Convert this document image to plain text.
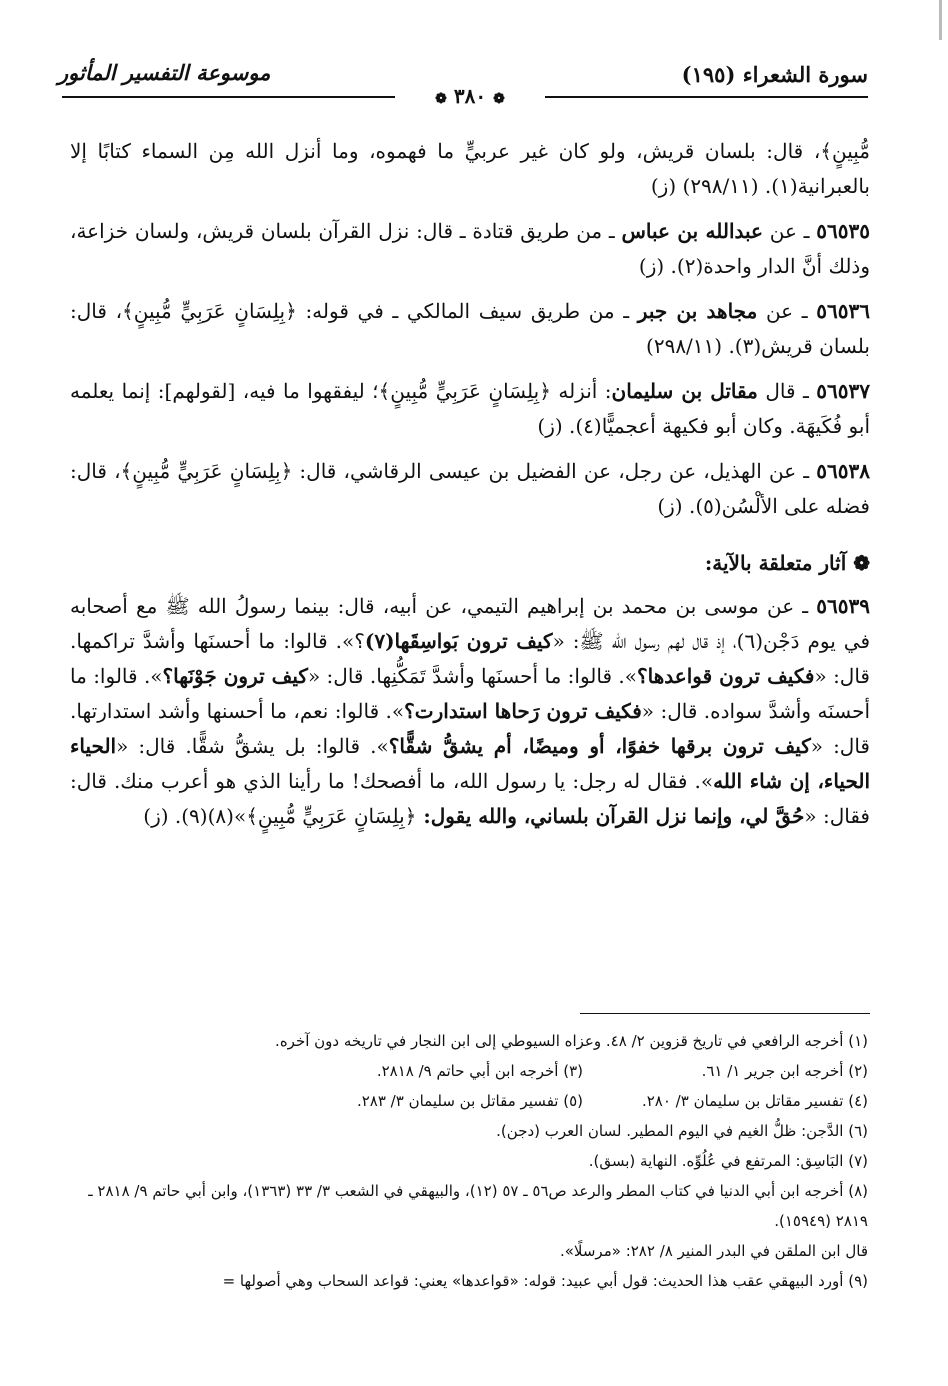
سورة الشعراء (١٩٥)
موسوعة التفسير المأثور
❁ ٣٨٠ ❁

مُّبِينٍ﴾، قال: بلسان قريش، ولو كان غير عربيٍّ ما فهموه، وما أنزل الله مِن السماء كتابًا إلا بالعبرانية(١). (٢٩٨/١١) (ز)

٥٦٥٣٥ ـ عن عبدالله بن عباس ـ من طريق قتادة ـ قال: نزل القرآن بلسان قريش، ولسان خزاعة، وذلك أنَّ الدار واحدة(٢). (ز)

٥٦٥٣٦ ـ عن مجاهد بن جبر ـ من طريق سيف المالكي ـ في قوله: ﴿بِلِسَانٍ عَرَبِيٍّ مُّبِينٍ﴾، قال: بلسان قريش(٣). (٢٩٨/١١)

٥٦٥٣٧ ـ قال مقاتل بن سليمان: أنزله ﴿بِلِسَانٍ عَرَبِيٍّ مُّبِينٍ﴾؛ ليفقهوا ما فيه، [لقولهم]: إنما يعلمه أبو فُكَيهَة. وكان أبو فكيهة أعجميًّا(٤). (ز)

٥٦٥٣٨ ـ عن الهذيل، عن رجل، عن الفضيل بن عيسى الرقاشي، قال: ﴿بِلِسَانٍ عَرَبِيٍّ مُّبِينٍ﴾، قال: فضله على الألْسُن(٥). (ز)

❁ آثار متعلقة بالآية:

٥٦٥٣٩ ـ عن موسى بن محمد بن إبراهيم التيمي، عن أبيه، قال: بينما رسولُ الله ﷺ مع أصحابه في يوم دَجْن(٦)، إذ قال لهم رسول الله ﷺ: «كيف ترون بَواسِقَها(٧)؟». قالوا: ما أحسنَها وأشدَّ تراكمها. قال: «فكيف ترون قواعدها؟». قالوا: ما أحسنَها وأشدَّ تَمَكُّنِها. قال: «كيف ترون جَوْنَها؟». قالوا: ما أحسنَه وأشدَّ سواده. قال: «فكيف ترون رَحاها استدارت؟». قالوا: نعم، ما أحسنها وأشد استدارتها. قال: «كيف ترون برقها خفوًا، أو وميضًا، أم يشقُّ شقًّا؟». قالوا: بل يشقُّ شقًّا. قال: «الحياء الحياء، إن شاء الله». فقال له رجل: يا رسول الله، ما أفصحك! ما رأينا الذي هو أعرب منك. قال: فقال: «حُقَّ لي، وإنما نزل القرآن بلساني، والله يقول: ﴿بِلِسَانٍ عَرَبِيٍّ مُّبِينٍ﴾»(٨)(٩). (ز)

(١) أخرجه الرافعي في تاريخ قزوين ٢/ ٤٨. وعزاه السيوطي إلى ابن النجار في تاريخه دون آخره.
(٢) أخرجه ابن جرير ١/ ٦١.
(٣) أخرجه ابن أبي حاتم ٩/ ٢٨١٨.
(٤) تفسير مقاتل بن سليمان ٣/ ٢٨٠.
(٥) تفسير مقاتل بن سليمان ٣/ ٢٨٣.
(٦) الدَّجن: ظلُّ الغيم في اليوم المطير. لسان العرب (دجن).
(٧) البَاسِق: المرتفع في عُلُوِّه. النهاية (بسق).
(٨) أخرجه ابن أبي الدنيا في كتاب المطر والرعد ص٥٦ ـ ٥٧ (١٢)، والبيهقي في الشعب ٣/ ٣٣ (١٣٦٣)، وابن أبي حاتم ٩/ ٢٨١٨ ـ ٢٨١٩ (١٥٩٤٩).
قال ابن الملقن في البدر المنير ٨/ ٢٨٢: «مرسلًا».
(٩) أورد البيهقي عقب هذا الحديث: قول أبي عبيد: قوله: «قواعدها» يعني: قواعد السحاب وهي أصولها =
